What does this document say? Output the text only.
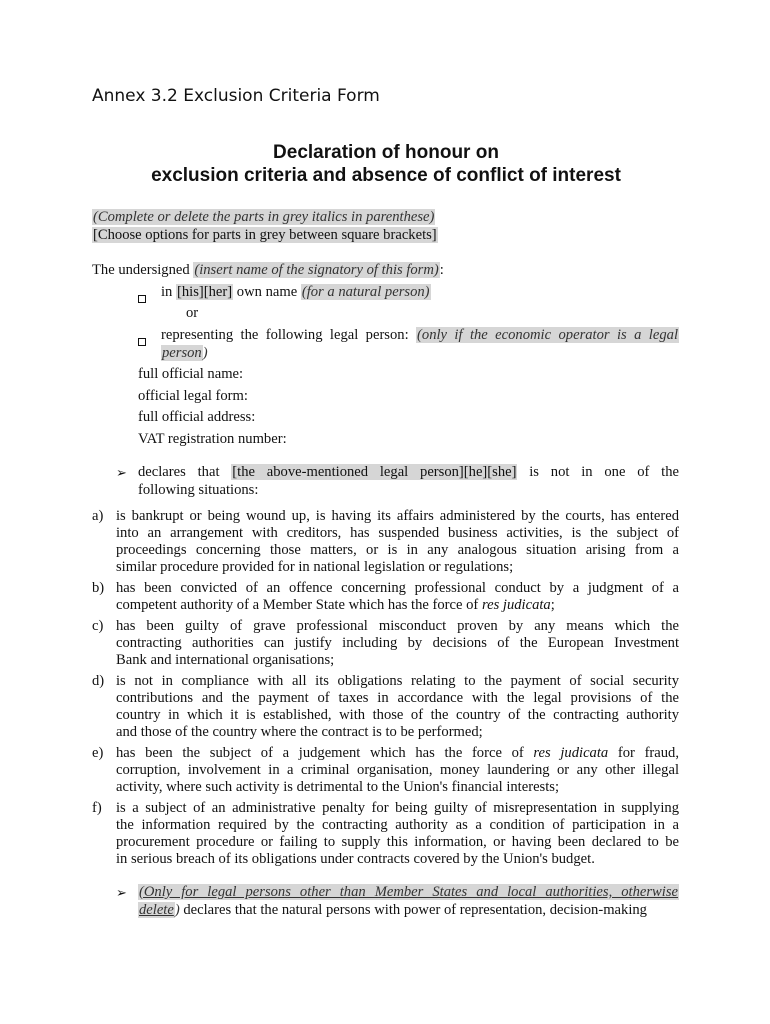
Annex 3.2 Exclusion Criteria Form
Declaration of honour on
exclusion criteria and absence of conflict of interest
(Complete or delete the parts in grey italics in parenthese)
[Choose options for parts in grey between square brackets]
The undersigned (insert name of the signatory of this form):
in [his][her] own name (for a natural person)
or
representing the following legal person: (only if the economic operator is a legal
person)
full official name:
official legal form:
full official address:
VAT registration number:
➢ declares that [the above-mentioned legal person][he][she] is not in one of the
following situations:
a) is bankrupt or being wound up, is having its affairs administered by the courts, has entered
into an arrangement with creditors, has suspended business activities, is the subject of
proceedings concerning those matters, or is in any analogous situation arising from a
similar procedure provided for in national legislation or regulations;
b) has been convicted of an offence concerning professional conduct by a judgment of a
competent authority of a Member State which has the force of res judicata;
c) has been guilty of grave professional misconduct proven by any means which the
contracting authorities can justify including by decisions of the European Investment
Bank and international organisations;
d) is not in compliance with all its obligations relating to the payment of social security
contributions and the payment of taxes in accordance with the legal provisions of the
country in which it is established, with those of the country of the contracting authority
and those of the country where the contract is to be performed;
e) has been the subject of a judgement which has the force of res judicata for fraud,
corruption, involvement in a criminal organisation, money laundering or any other illegal
activity, where such activity is detrimental to the Union's financial interests;
f) is a subject of an administrative penalty for being guilty of misrepresentation in supplying
the information required by the contracting authority as a condition of participation in a
procurement procedure or failing to supply this information, or having been declared to be
in serious breach of its obligations under contracts covered by the Union's budget.
➢ (Only for legal persons other than Member States and local authorities, otherwise
delete) declares that the natural persons with power of representation, decision-making
